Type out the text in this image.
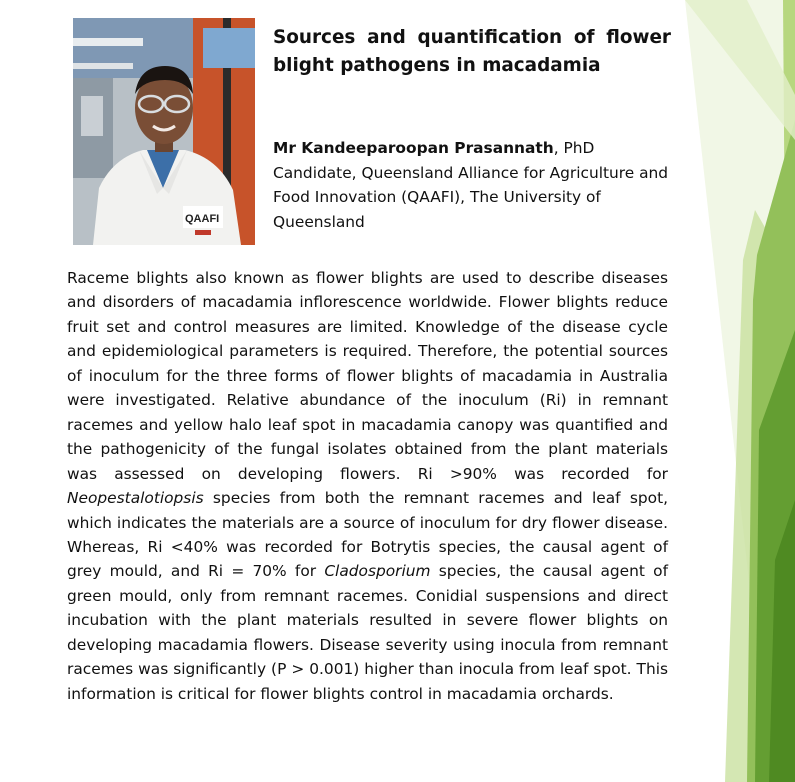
QAAFI
Sources and quantification of flower blight pathogens in macadamia

Mr Kandeeparoopan Prasannath, PhD Candidate, Queensland Alliance for Agriculture and Food Innovation (QAAFI), The University of Queensland

Raceme blights also known as flower blights are used to describe diseases and disorders of macadamia inflorescence worldwide. Flower blights reduce fruit set and control measures are limited. Knowledge of the disease cycle and epidemiological parameters is required. Therefore, the potential sources of inoculum for the three forms of flower blights of macadamia in Australia were investigated. Relative abundance of the inoculum (Ri) in remnant racemes and yellow halo leaf spot in macadamia canopy was quantified and the pathogenicity of the fungal isolates obtained from the plant materials was assessed on developing flowers. Ri >90% was recorded for Neopestalotiopsis species from both the remnant racemes and leaf spot, which indicates the materials are a source of inoculum for dry flower disease. Whereas, Ri <40% was recorded for Botrytis species, the causal agent of grey mould, and Ri = 70% for Cladosporium species, the causal agent of green mould, only from remnant racemes. Conidial suspensions and direct incubation with the plant materials resulted in severe flower blights on developing macadamia flowers. Disease severity using inocula from remnant racemes was significantly (P > 0.001) higher than inocula from leaf spot. This information is critical for flower blights control in macadamia orchards.
